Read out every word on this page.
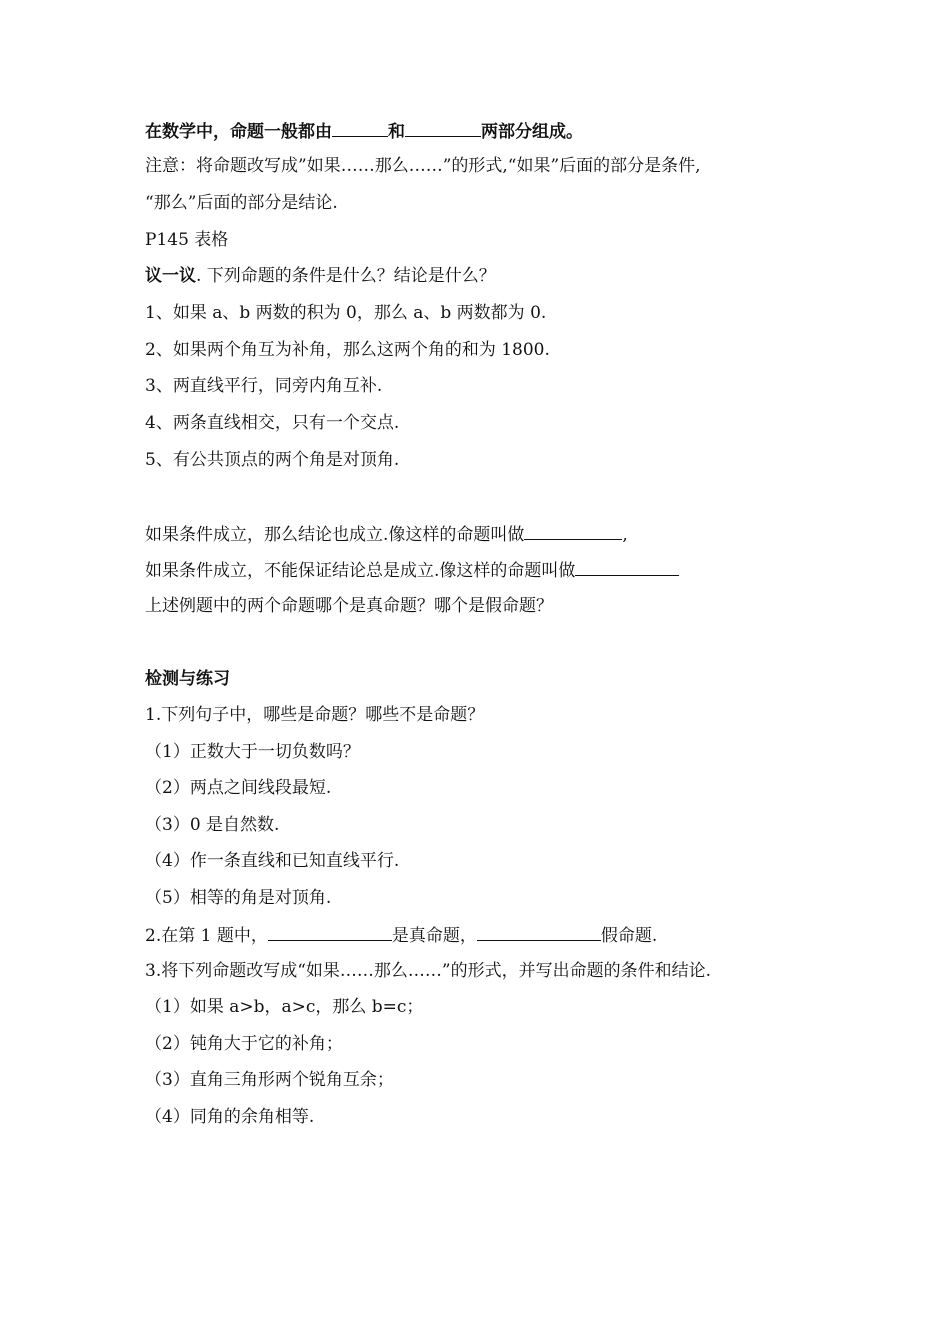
在数学中，命题一般都由	和	两部分组成。
注意：将命题改写成”如果……那么……”的形式,“如果”后面的部分是条件,
“那么”后面的部分是结论.
P145 表格
议一议. 下列命题的条件是什么？结论是什么？
1、如果 a、b 两数的积为 0，那么 a、b 两数都为 0.
2、如果两个角互为补角，那么这两个角的和为 1800.
3、两直线平行，同旁内角互补.
4、两条直线相交，只有一个交点.
5、有公共顶点的两个角是对顶角.
如果条件成立，那么结论也成立.像这样的命题叫做	,
如果条件成立，不能保证结论总是成立.像这样的命题叫做
上述例题中的两个命题哪个是真命题？哪个是假命题？
检测与练习
1.下列句子中，哪些是命题？哪些不是命题？
（1）正数大于一切负数吗？
（2）两点之间线段最短.
（3）0 是自然数.
（4）作一条直线和已知直线平行.
（5）相等的角是对顶角.
2.在第 1 题中，	是真命题，	假命题.
3.将下列命题改写成“如果……那么……”的形式，并写出命题的条件和结论.
（1）如果 a>b，a>c，那么 b=c；
（2）钝角大于它的补角；
（3）直角三角形两个锐角互余；
（4）同角的余角相等.
